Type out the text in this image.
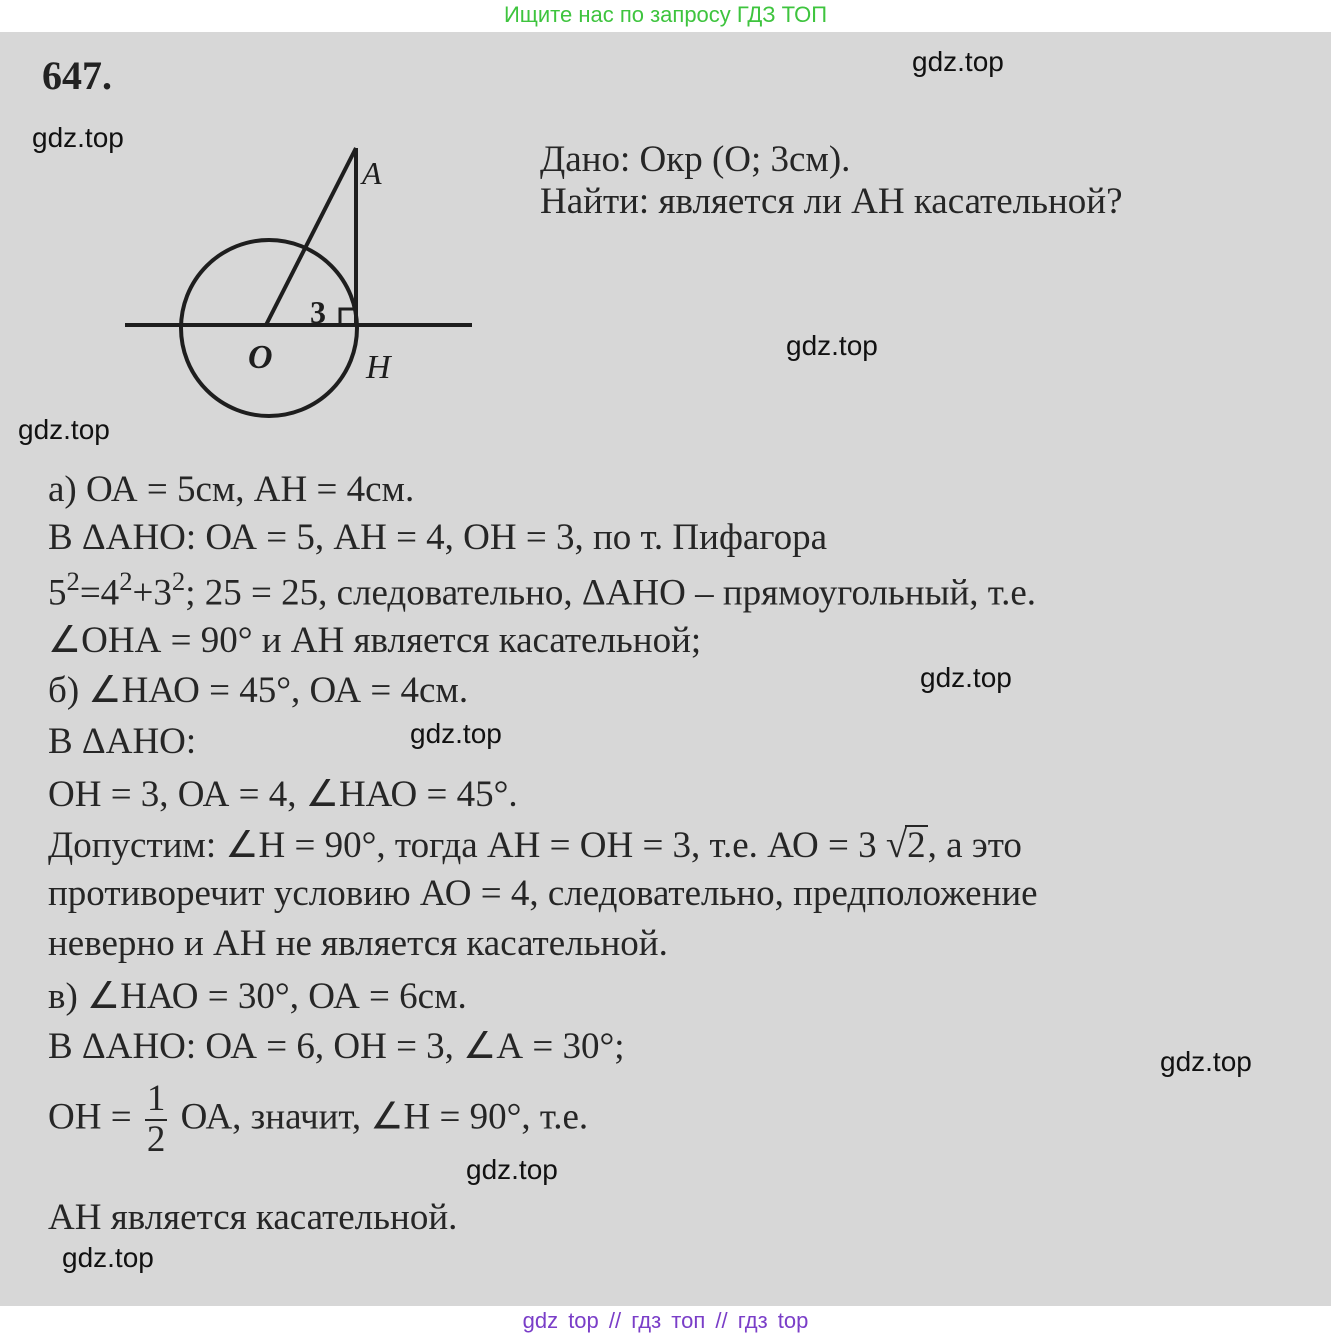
Ищите нас по запросу ГДЗ ТОП
647.
Дано: Окр (О; 3см).
Найти: является ли АН касательной?
A
3
O	H
а) ОА = 5см, АН = 4см.
В ΔАНО: ОА = 5, АН = 4, ОН = 3, по т. Пифагора
$5^2=4^2+3^2$; 25 = 25, следовательно, ΔАНО – прямоугольный, т.е.
∠ОНА = 90° и АН является касательной;
б) ∠НАО = 45°, ОА = 4см.
В ΔАНО:
ОН = 3, ОА = 4, ∠НАО = 45°.
Допустим: ∠Н = 90°, тогда АН = ОН = 3, т.е. АО = 3 √2, а это
противоречит условию АО = 4, следовательно, предположение
неверно и АН не является касательной.
в) ∠НАО = 30°, ОА = 6см.
В ΔАНО: ОА = 6, ОН = 3, ∠А = 30°;
ОН = $\frac{1}{2}$ ОА, значит, ∠Н = 90°, т.е.
АН является касательной.
gdz.top
gdz.top
gdz.top
gdz.top
gdz.top
gdz.top
gdz.top
gdz.top
gdz.top
gdz top // гдз топ // гдз top
